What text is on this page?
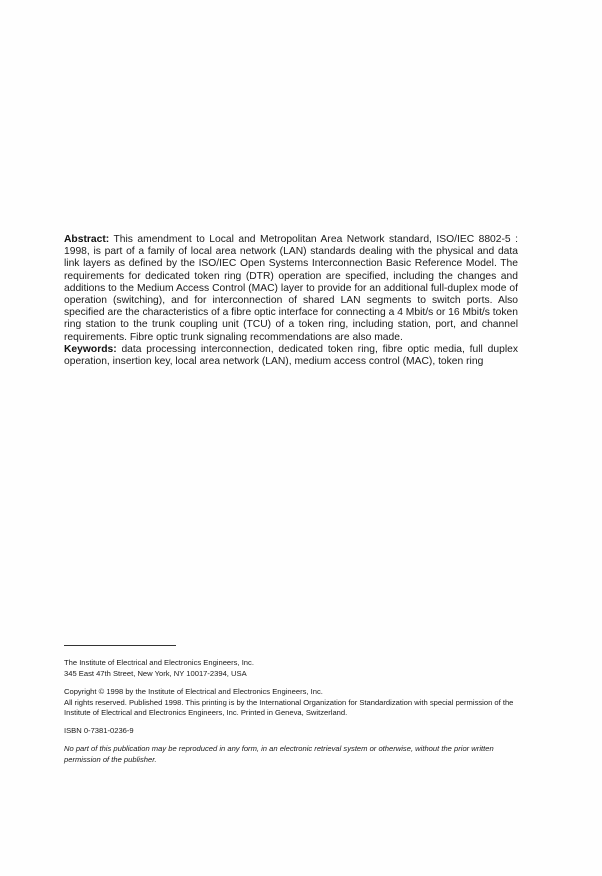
Abstract: This amendment to Local and Metropolitan Area Network standard, ISO/IEC 8802-5 : 1998, is part of a family of local area network (LAN) standards dealing with the physical and data link layers as defined by the ISO/IEC Open Systems Interconnection Basic Reference Model. The requirements for dedicated token ring (DTR) operation are specified, including the changes and additions to the Medium Access Control (MAC) layer to provide for an additional full-duplex mode of operation (switching), and for interconnection of shared LAN segments to switch ports. Also specified are the characteristics of a fibre optic interface for connecting a 4 Mbit/s or 16 Mbit/s token ring station to the trunk coupling unit (TCU) of a token ring, including station, port, and channel requirements. Fibre optic trunk signaling recommendations are also made.

Keywords: data processing interconnection, dedicated token ring, fibre optic media, full duplex operation, insertion key, local area network (LAN), medium access control (MAC), token ring

The Institute of Electrical and Electronics Engineers, Inc.

345 East 47th Street, New York, NY 10017-2394, USA

Copyright © 1998 by the Institute of Electrical and Electronics Engineers, Inc.

All rights reserved. Published 1998. This printing is by the International Organization for Standardization with special permission of the Institute of Electrical and Electronics Engineers, Inc. Printed in Geneva, Switzerland.

ISBN 0-7381-0236-9

No part of this publication may be reproduced in any form, in an electronic retrieval system or otherwise, without the prior written permission of the publisher.
